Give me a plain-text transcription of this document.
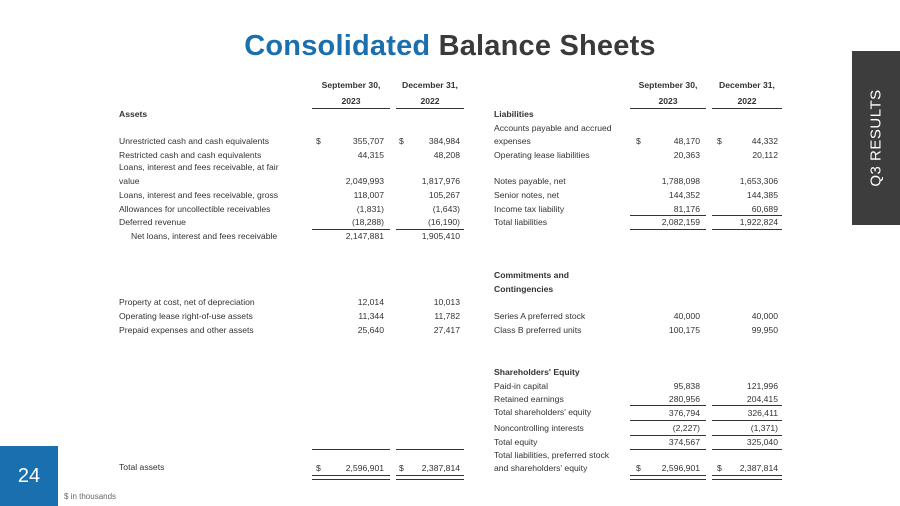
Consolidated Balance Sheets
Q3 RESULTS
24
$ in thousands
September 30,
2023
December 31,
2022
Assets
Unrestricted cash and cash equivalents	$	355,707 $	384,984
Restricted cash and cash equivalents	44,315	48,208
Loans, interest and fees receivable, at fair
value	2,049,993	1,817,976
Loans, interest and fees receivable, gross	118,007	105,267
Allowances for uncollectible receivables	(1,831)	(1,643)
Deferred revenue	(18,288)	(16,190)
Net loans, interest and fees receivable	2,147,881	1,905,410
Property at cost, net of depreciation	12,014	10,013
Operating lease right-of-use assets	11,344	11,782
Prepaid expenses and other assets	25,640	27,417
Total assets	$	2,596,901 $	2,387,814
September 30,
2023
December 31,
2022
Liabilities
Accounts payable and accrued
expenses	$	48,170 $	44,332
Operating lease liabilities	20,363	20,112
Notes payable, net	1,788,098	1,653,306
Senior notes, net	144,352	144,385
Income tax liability	81,176	60,689
Total liabilities	2,082,159	1,922,824
Commitments and
Contingencies
Series A preferred stock	40,000	40,000
Class B preferred units	100,175	99,950
Shareholders' Equity
Paid-in capital	95,838	121,996
Retained earnings	280,956	204,415
Total shareholders' equity	376,794	326,411
Noncontrolling interests	(2,227)	(1,371)
Total equity	374,567	325,040
Total liabilities, preferred stock
and shareholders' equity	$	2,596,901 $	2,387,814
